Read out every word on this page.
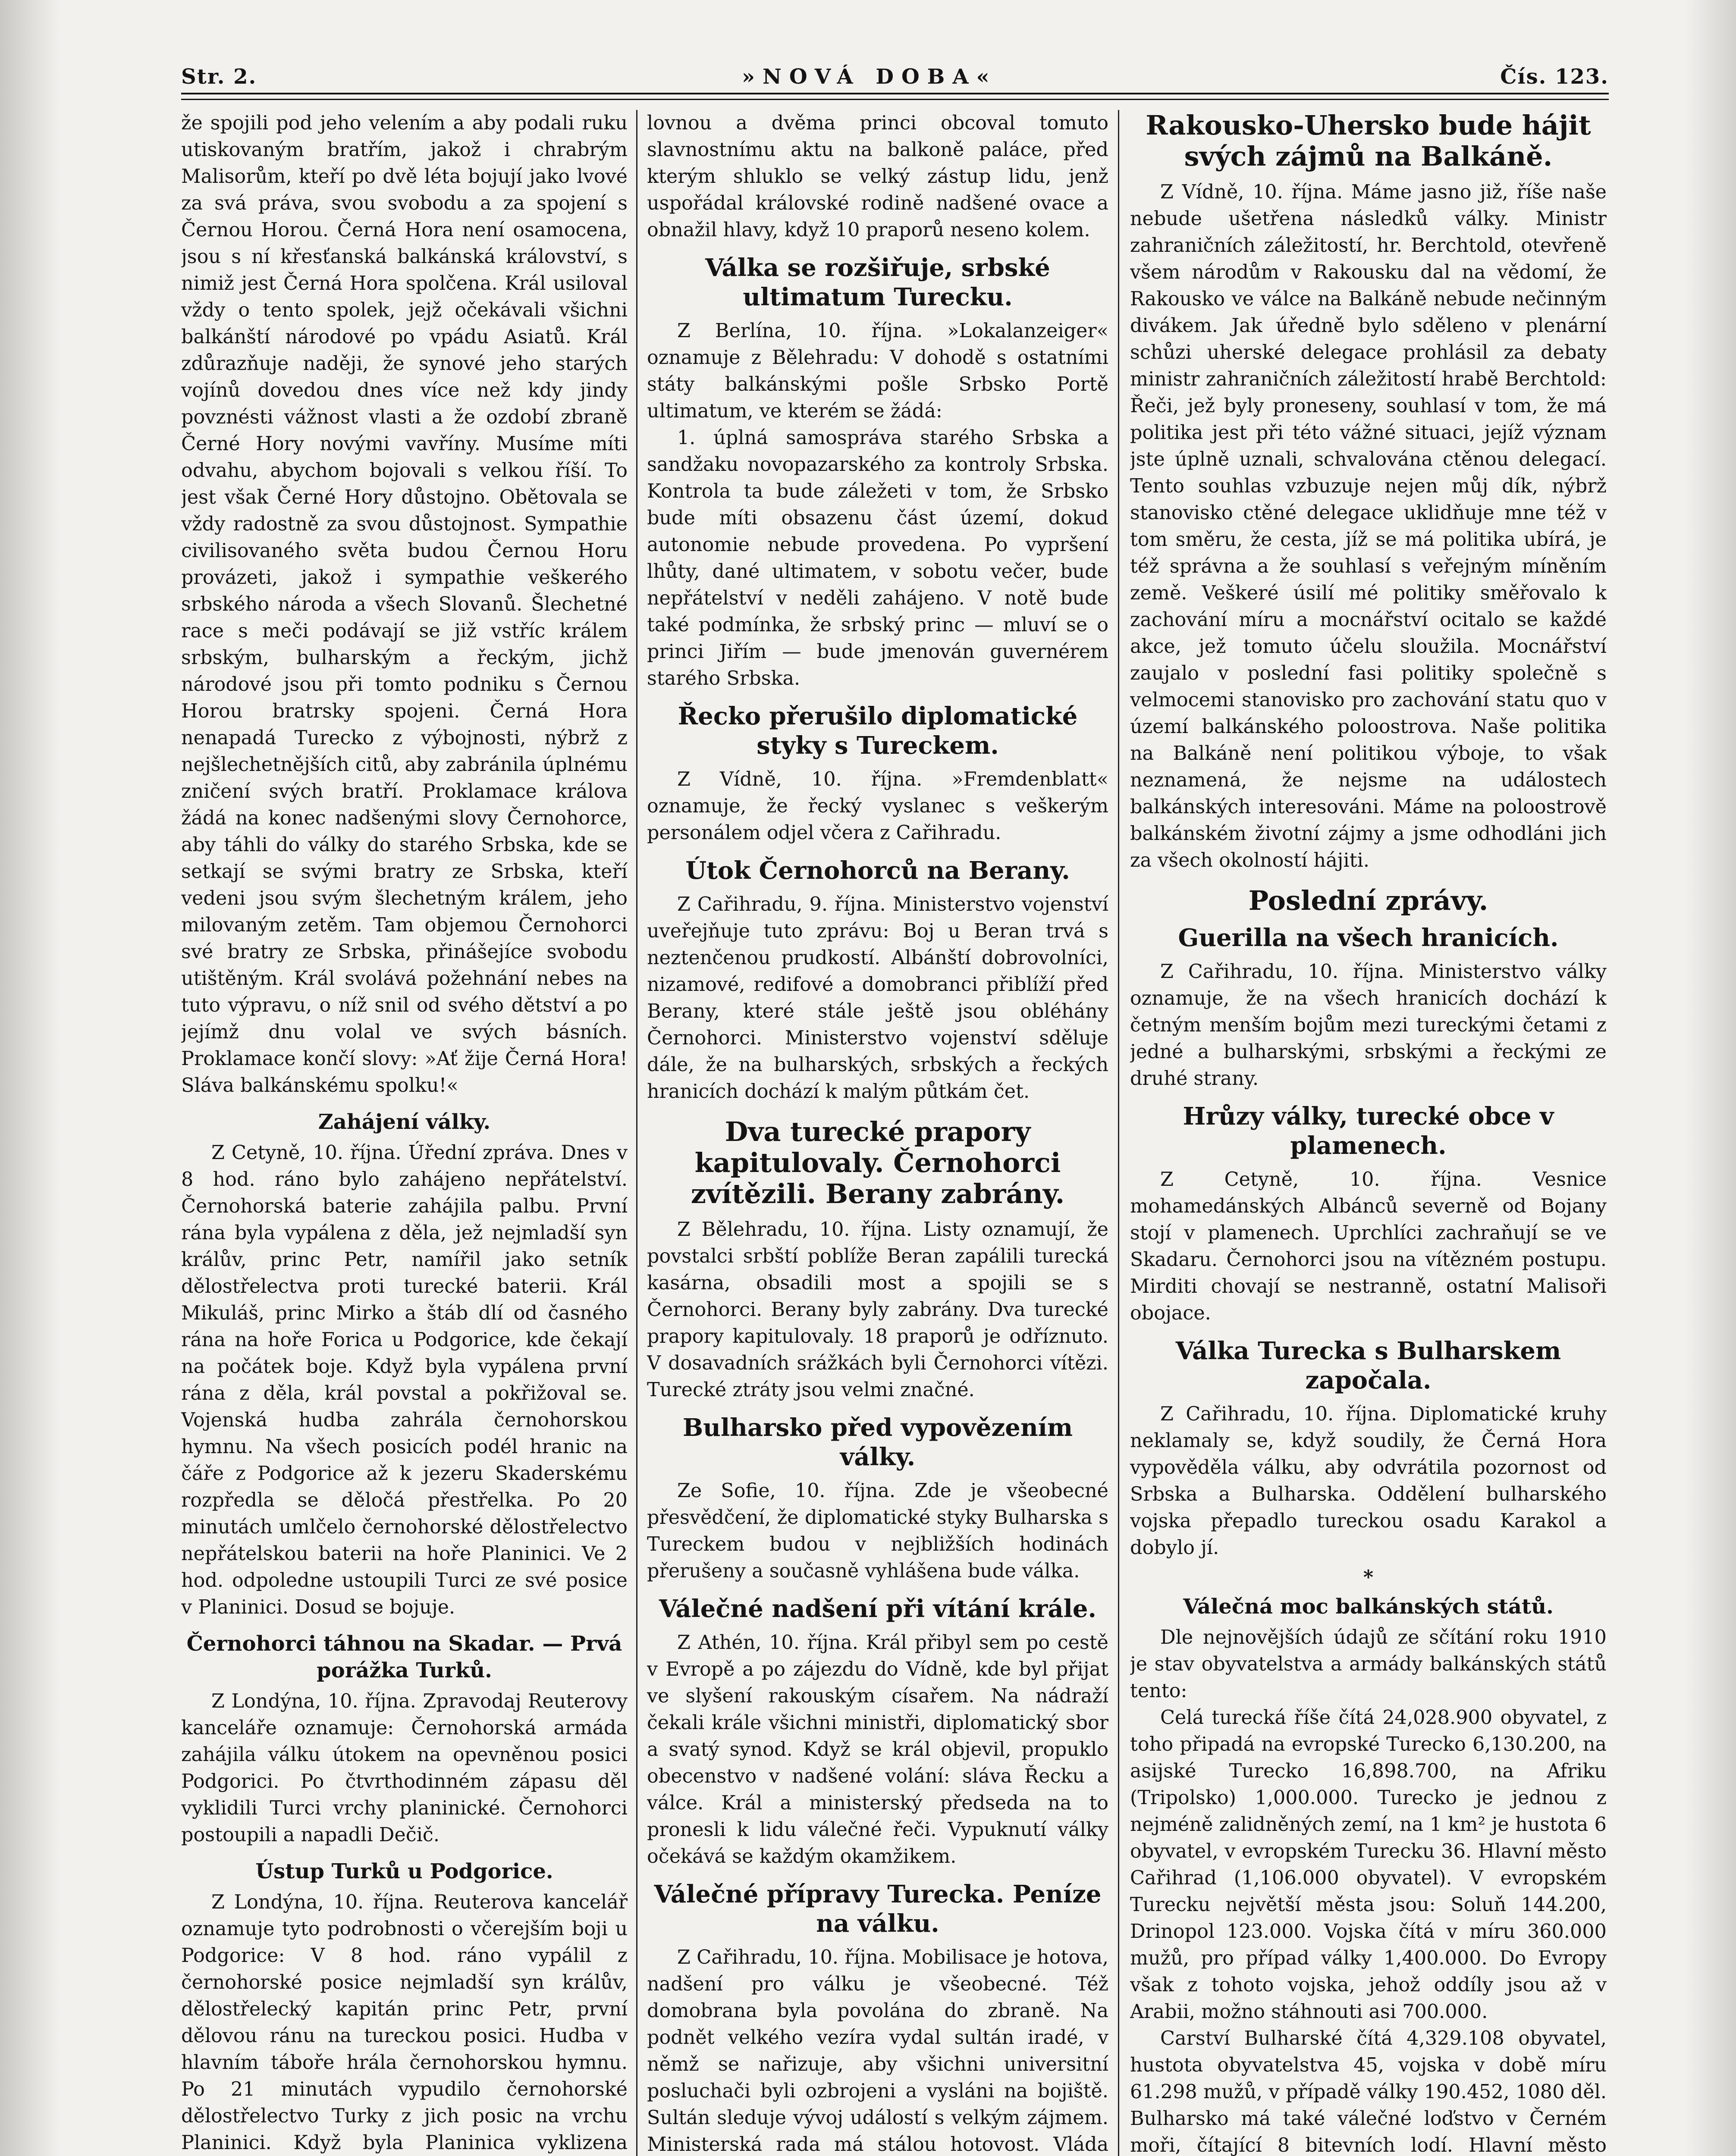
Str. 2.	»NOVÁ DOBA«	Čís. 123.

že spojili pod jeho velením a aby podali ruku utiskovaným bratřím, jakož i chrabrým Malisorům, kteří po dvě léta bojují jako lvové za svá práva, svou svobodu a za spojení s Černou Horou. Černá Hora není osamocena, jsou s ní křesťanská balkánská království, s nimiž jest Černá Hora spolčena. Král usiloval vždy o tento spolek, jejž očekávali všichni balkánští národové po vpádu Asiatů. Král zdůrazňuje naději, že synové jeho starých vojínů dovedou dnes více než kdy jindy povznésti vážnost vlasti a že ozdobí zbraně Černé Hory novými vavříny. Musíme míti odvahu, abychom bojovali s velkou říší. To jest však Černé Hory důstojno. Obětovala se vždy radostně za svou důstojnost. Sympathie civilisovaného světa budou Černou Horu provázeti, jakož i sympathie veškerého srbského národa a všech Slovanů. Šlechetné race s meči podávají se již vstříc králem srbským, bulharským a řeckým, jichž národové jsou při tomto podniku s Černou Horou bratrsky spojeni. Černá Hora nenapadá Turecko z výbojnosti, nýbrž z nejšlechetnějších citů, aby zabránila úplnému zničení svých bratří. Proklamace králova žádá na konec nadšenými slovy Černohorce, aby táhli do války do starého Srbska, kde se setkají se svými bratry ze Srbska, kteří vedeni jsou svým šlechetným králem, jeho milovaným zetěm. Tam objemou Černohorci své bratry ze Srbska, přinášejíce svobodu utištěným. Král svolává požehnání nebes na tuto výpravu, o níž snil od svého dětství a po jejímž dnu volal ve svých básních. Proklamace končí slovy: »Ať žije Černá Hora! Sláva balkánskému spolku!«

Zahájení války.

Z Cetyně, 10. října. Úřední zpráva. Dnes v 8 hod. ráno bylo zahájeno nepřátelství. Černohorská baterie zahájila palbu. První rána byla vypálena z děla, jež nejmladší syn králův, princ Petr, namířil jako setník dělostřelectva proti turecké baterii. Král Mikuláš, princ Mirko a štáb dlí od časného rána na hoře Forica u Podgorice, kde čekají na počátek boje. Když byla vypálena první rána z děla, král povstal a pokřižoval se. Vojenská hudba zahrála černohorskou hymnu. Na všech posicích podél hranic na čáře z Podgorice až k jezeru Skaderskému rozpředla se děločá přestřelka. Po 20 minutách umlčelo černohorské dělostřelectvo nepřátelskou baterii na hoře Planinici. Ve 2 hod. odpoledne ustoupili Turci ze své posice v Planinici. Dosud se bojuje.

Černohorci táhnou na Skadar. — Prvá porážka Turků.

Z Londýna, 10. října. Zpravodaj Reuterovy kanceláře oznamuje: Černohorská armáda zahájila válku útokem na opevněnou posici Podgorici. Po čtvrthodinném zápasu děl vyklidili Turci vrchy planinické. Černohorci postoupili a napadli Dečič.

Ústup Turků u Podgorice.

Z Londýna, 10. října. Reuterova kancelář oznamuje tyto podrobnosti o včerejším boji u Podgorice: V 8 hod. ráno vypálil z černohorské posice nejmladší syn králův, dělostřelecký kapitán princ Petr, první dělovou ránu na tureckou posici. Hudba v hlavním táboře hrála černohorskou hymnu. Po 21 minutách vypudilo černohorské dělostřelectvo Turky z jich posic na vrchu Planinici. Když byla Planinica vyklizena

lovnou a dvěma princi obcoval tomuto slavnostnímu aktu na balkoně paláce, před kterým shluklo se velký zástup lidu, jenž uspořádal královské rodině nadšené ovace a obnažil hlavy, když 10 praporů neseno kolem.

Válka se rozšiřuje, srbské ultimatum Turecku.

Z Berlína, 10. října. »Lokalanzeiger« oznamuje z Bělehradu: V dohodě s ostatními státy balkánskými pošle Srbsko Portě ultimatum, ve kterém se žádá:

1. úplná samospráva starého Srbska a sandžaku novopazarského za kontroly Srbska. Kontrola ta bude záležeti v tom, že Srbsko bude míti obsazenu část území, dokud autonomie nebude provedena. Po vypršení lhůty, dané ultimatem, v sobotu večer, bude nepřátelství v neděli zahájeno. V notě bude také podmínka, že srbský princ — mluví se o princi Jiřím — bude jmenován guvernérem starého Srbska.

Řecko přerušilo diplomatické styky s Tureckem.

Z Vídně, 10. října. »Fremdenblatt« oznamuje, že řecký vyslanec s veškerým personálem odjel včera z Cařihradu.

Útok Černohorců na Berany.

Z Cařihradu, 9. října. Ministerstvo vojenství uveřejňuje tuto zprávu: Boj u Beran trvá s neztenčenou prudkostí. Albánští dobrovolníci, nizamové, redifové a domobranci přiblíží před Berany, které stále ještě jsou obléhány Černohorci. Ministerstvo vojenství sděluje dále, že na bulharských, srbských a řeckých hranicích dochází k malým půtkám čet.

Dva turecké prapory kapitulovaly. Černohorci zvítězili. Berany zabrány.

Z Bělehradu, 10. října. Listy oznamují, že povstalci srbští poblíže Beran zapálili turecká kasárna, obsadili most a spojili se s Černohorci. Berany byly zabrány. Dva turecké prapory kapitulovaly. 18 praporů je odříznuto. V dosavadních srážkách byli Černohorci vítězi. Turecké ztráty jsou velmi značné.

Bulharsko před vypovězením války.

Ze Sofie, 10. října. Zde je všeobecné přesvědčení, že diplomatické styky Bulharska s Tureckem budou v nejbližších hodinách přerušeny a současně vyhlášena bude válka.

Válečné nadšení při vítání krále.

Z Athén, 10. října. Král přibyl sem po cestě v Evropě a po zájezdu do Vídně, kde byl přijat ve slyšení rakouským císařem. Na nádraží čekali krále všichni ministři, diplomatický sbor a svatý synod. Když se král objevil, propuklo obecenstvo v nadšené volání: sláva Řecku a válce. Král a ministerský předseda na to pronesli k lidu válečné řeči. Vypuknutí války očekává se každým okamžikem.

Válečné přípravy Turecka. Peníze na válku.

Z Cařihradu, 10. října. Mobilisace je hotova, nadšení pro válku je všeobecné. Též domobrana byla povolána do zbraně. Na podnět velkého vezíra vydal sultán iradé, v němž se nařizuje, aby všichni universitní posluchači byli ozbrojeni a vysláni na bojiště. Sultán sleduje vývoj událostí s velkým zájmem. Ministerská rada má stálou hotovost. Vláda

Rakousko-Uhersko bude hájit svých zájmů na Balkáně.

Z Vídně, 10. října. Máme jasno již, říše naše nebude ušetřena následků války. Ministr zahraničních záležitostí, hr. Berchtold, otevřeně všem národům v Rakousku dal na vědomí, že Rakousko ve válce na Balkáně nebude nečinným divákem. Jak úředně bylo sděleno v plenární schůzi uherské delegace prohlásil za debaty ministr zahraničních záležitostí hrabě Berchtold: Řeči, jež byly proneseny, souhlasí v tom, že má politika jest při této vážné situaci, jejíž význam jste úplně uznali, schvalována ctěnou delegací. Tento souhlas vzbuzuje nejen můj dík, nýbrž stanovisko ctěné delegace uklidňuje mne též v tom směru, že cesta, jíž se má politika ubírá, je též správna a že souhlasí s veřejným míněním země. Veškeré úsilí mé politiky směřovalo k zachování míru a mocnářství ocitalo se každé akce, jež tomuto účelu sloužila. Mocnářství zaujalo v poslední fasi politiky společně s velmocemi stanovisko pro zachování statu quo v území balkánského poloostrova. Naše politika na Balkáně není politikou výboje, to však neznamená, že nejsme na událostech balkánských interesováni. Máme na poloostrově balkánském životní zájmy a jsme odhodláni jich za všech okolností hájiti.

Poslední zprávy.
Guerilla na všech hranicích.

Z Cařihradu, 10. října. Ministerstvo války oznamuje, že na všech hranicích dochází k četným menším bojům mezi tureckými četami z jedné a bulharskými, srbskými a řeckými ze druhé strany.

Hrůzy války, turecké obce v plamenech.

Z Cetyně, 10. října. Vesnice mohamedánských Albánců severně od Bojany stojí v plamenech. Uprchlíci zachraňují se ve Skadaru. Černohorci jsou na vítězném postupu. Mirditi chovají se nestranně, ostatní Malisoři obojace.

Válka Turecka s Bulharskem započala.

Z Cařihradu, 10. října. Diplomatické kruhy neklamaly se, když soudily, že Černá Hora vypověděla válku, aby odvrátila pozornost od Srbska a Bulharska. Oddělení bulharského vojska přepadlo tureckou osadu Karakol a dobylo jí.

*
Válečná moc balkánských států.

Dle nejnovějších údajů ze sčítání roku 1910 je stav obyvatelstva a armády balkánských států tento:

Celá turecká říše čítá 24,028.900 obyvatel, z toho připadá na evropské Turecko 6,130.200, na asijské Turecko 16,898.700, na Afriku (Tripolsko) 1,000.000. Turecko je jednou z nejméně zalidněných zemí, na 1 km² je hustota 6 obyvatel, v evropském Turecku 36. Hlavní město Cařihrad (1,106.000 obyvatel). V evropském Turecku největší města jsou: Soluň 144.200, Drinopol 123.000. Vojska čítá v míru 360.000 mužů, pro případ války 1,400.000. Do Evropy však z tohoto vojska, jehož oddíly jsou až v Arabii, možno stáhnouti asi 700.000.

Carství Bulharské čítá 4,329.108 obyvatel, hustota obyvatelstva 45, vojska v době míru 61.298 mužů, v případě války 190.452, 1080 děl. Bulharsko má také válečné loďstvo v Černém moři, čítající 8 bitevních lodí. Hlavní město
